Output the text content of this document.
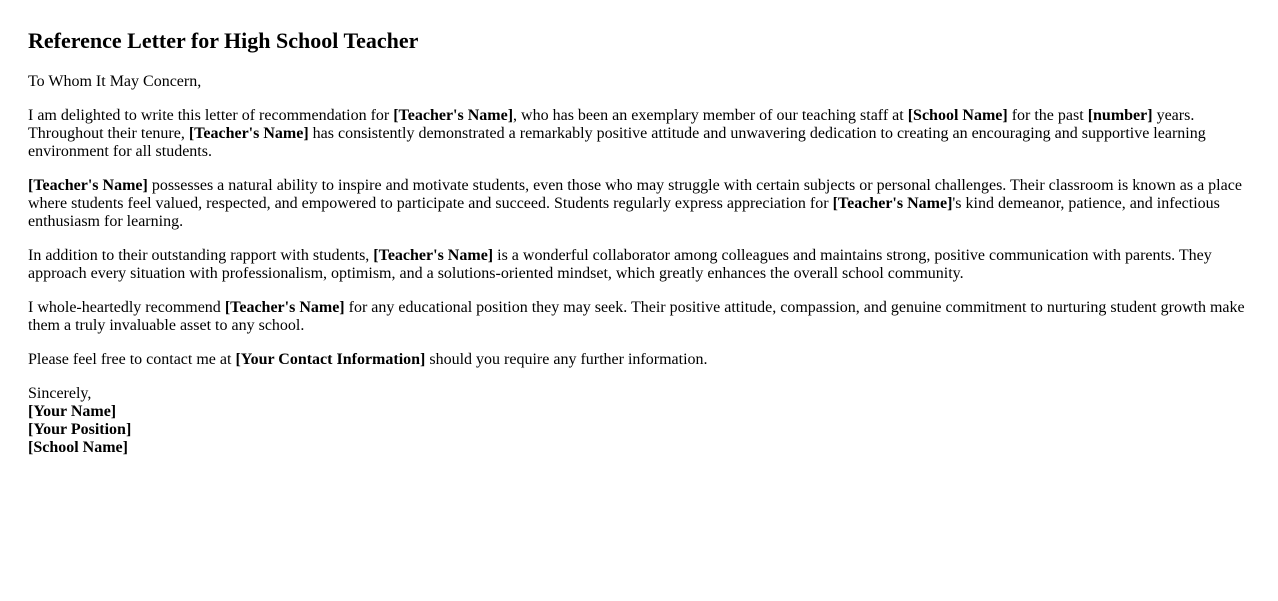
Reference Letter for High School Teacher

To Whom It May Concern,

I am delighted to write this letter of recommendation for [Teacher's Name], who has been an exemplary member of our teaching staff at [School Name] for the past [number] years. Throughout their tenure, [Teacher's Name] has consistently demonstrated a remarkably positive attitude and unwavering dedication to creating an encouraging and supportive learning environment for all students.

[Teacher's Name] possesses a natural ability to inspire and motivate students, even those who may struggle with certain subjects or personal challenges. Their classroom is known as a place where students feel valued, respected, and empowered to participate and succeed. Students regularly express appreciation for [Teacher's Name]'s kind demeanor, patience, and infectious enthusiasm for learning.

In addition to their outstanding rapport with students, [Teacher's Name] is a wonderful collaborator among colleagues and maintains strong, positive communication with parents. They approach every situation with professionalism, optimism, and a solutions-oriented mindset, which greatly enhances the overall school community.

I whole-heartedly recommend [Teacher's Name] for any educational position they may seek. Their positive attitude, compassion, and genuine commitment to nurturing student growth make them a truly invaluable asset to any school.

Please feel free to contact me at [Your Contact Information] should you require any further information.

Sincerely,
[Your Name]
[Your Position]
[School Name]
